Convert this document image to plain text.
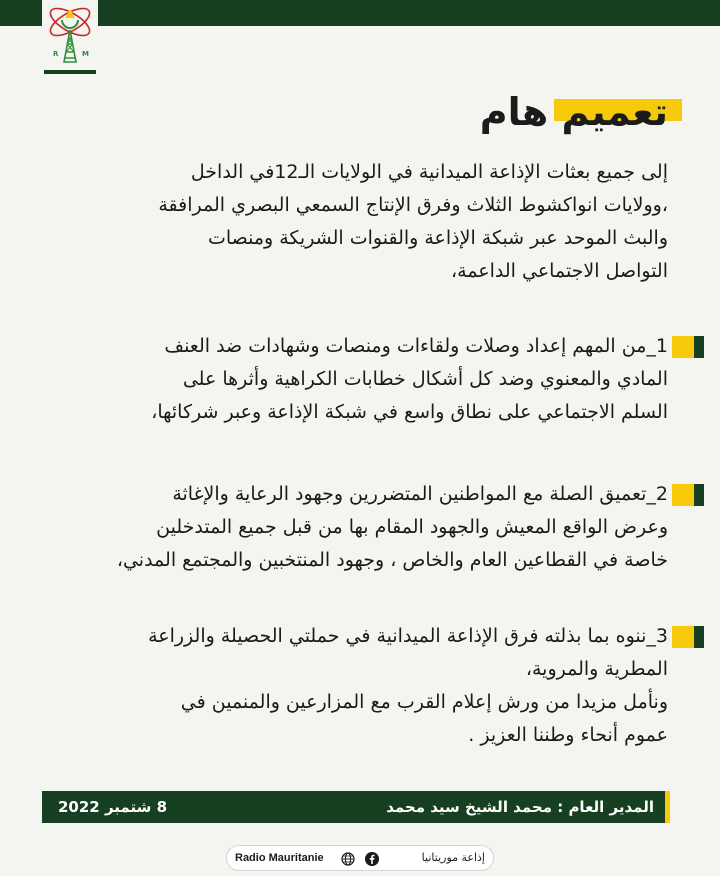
R	M
تعميم هام
إلى جميع بعثات الإذاعة الميدانية في الولايات الـ12في الداخل
،وولايات انواكشوط الثلاث وفرق الإنتاج السمعي البصري المرافقة
والبث الموحد عبر شبكة الإذاعة والقنوات الشريكة ومنصات
التواصل الاجتماعي الداعمة،
1_من المهم إعداد وصلات ولقاءات ومنصات وشهادات ضد العنف
المادي والمعنوي وضد كل أشكال خطابات الكراهية وأثرها على
السلم الاجتماعي على نطاق واسع في شبكة الإذاعة وعبر شركائها،
2_تعميق الصلة مع المواطنين المتضررين وجهود الرعاية والإغاثة
وعرض الواقع المعيش والجهود المقام بها من قبل جميع المتدخلين
خاصة في القطاعين العام والخاص ، وجهود المنتخبين والمجتمع المدني،
3_ننوه بما بذلته فرق الإذاعة الميدانية في حملتي الحصيلة والزراعة
المطرية والمروية،
ونأمل مزيدا من ورش إعلام القرب مع المزارعين والمنمين في
عموم أنحاء وطننا العزيز .
المدير العام : محمد الشيخ سيد محمد
8 شتمبر 2022
Radio Mauritanie	إذاعة موريتانيا
